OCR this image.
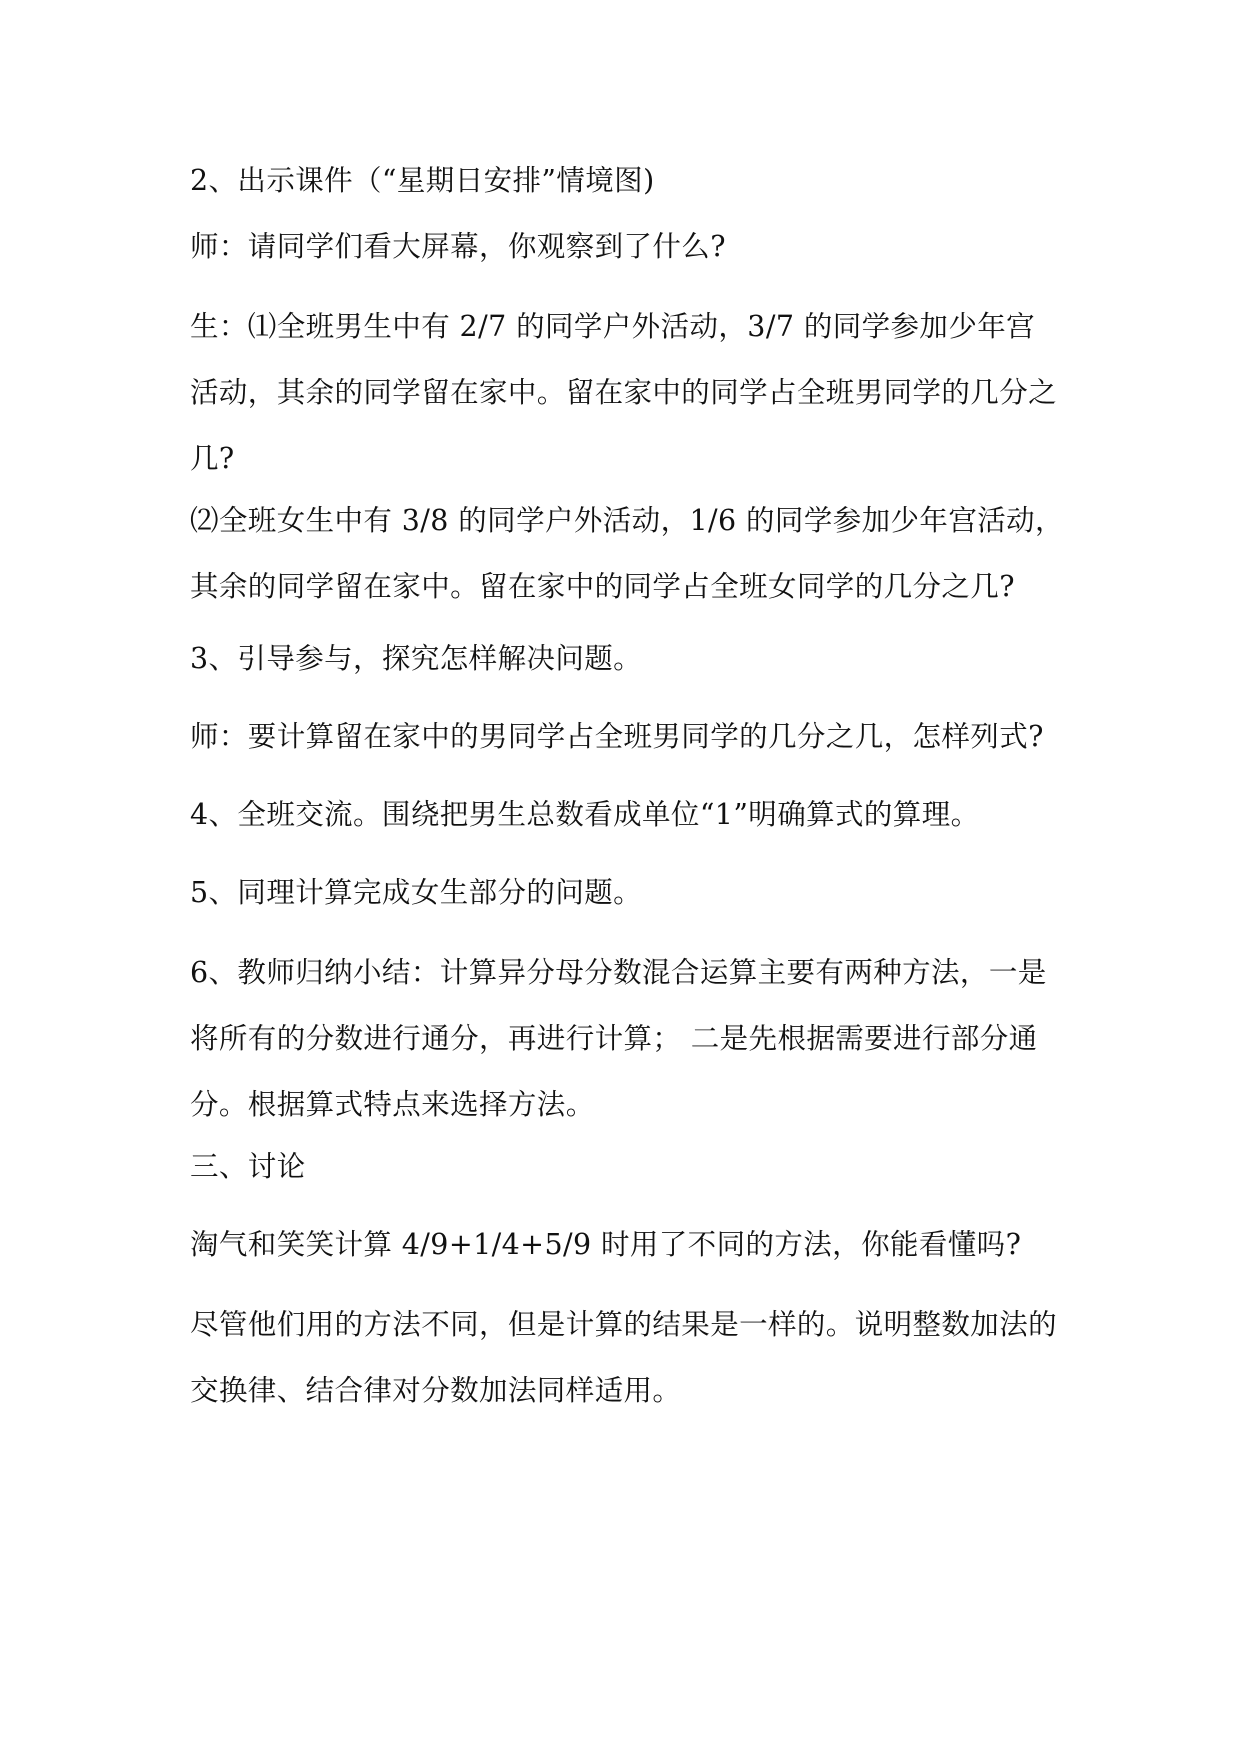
2、出示课件（“星期日安排”情境图)

师：请同学们看大屏幕，你观察到了什么?

生：⑴全班男生中有 2/7 的同学户外活动，3/7 的同学参加少年宫
活动，其余的同学留在家中。留在家中的同学占全班男同学的几分之
几?

⑵全班女生中有 3/8 的同学户外活动，1/6 的同学参加少年宫活动，
其余的同学留在家中。留在家中的同学占全班女同学的几分之几?

3、引导参与，探究怎样解决问题。

师：要计算留在家中的男同学占全班男同学的几分之几，怎样列式?

4、全班交流。围绕把男生总数看成单位“1”明确算式的算理。

5、同理计算完成女生部分的问题。

6、教师归纳小结：计算异分母分数混合运算主要有两种方法，一是
将所有的分数进行通分，再进行计算； 二是先根据需要进行部分通
分。根据算式特点来选择方法。

三、讨论

淘气和笑笑计算 4/9+1/4+5/9 时用了不同的方法，你能看懂吗?

尽管他们用的方法不同，但是计算的结果是一样的。说明整数加法的
交换律、结合律对分数加法同样适用。
